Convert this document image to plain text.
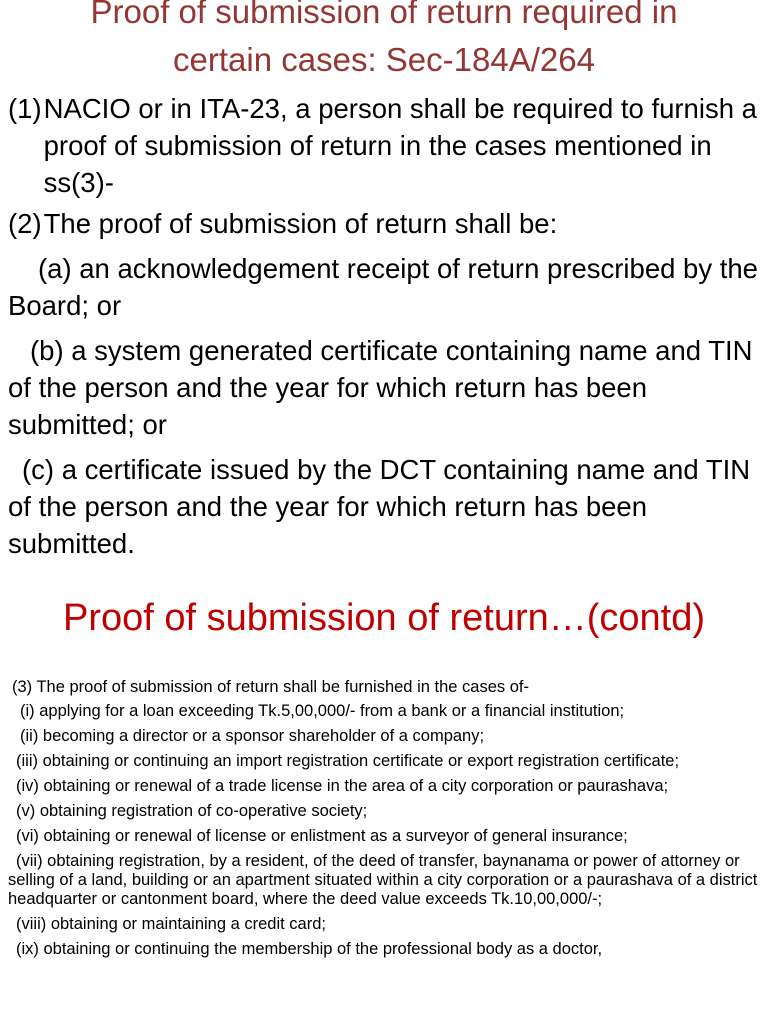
Proof of submission of return required in
certain cases: Sec-184A/264
(1) NACIO or in ITA-23, a person shall be required to furnish a proof of submission of return in the cases mentioned in ss(3)-
(2) The proof of submission of return shall be:
(a) an acknowledgement receipt of return prescribed by the Board; or
(b) a system generated certificate containing name and TIN of the person and the year for which return has been submitted; or
(c) a certificate issued by the DCT containing name and TIN of the person and the year for which return has been submitted.
Proof of submission of return…(contd)

(3) The proof of submission of return shall be furnished in the cases of-

(i) applying for a loan exceeding Tk.5,00,000/- from a bank or a financial institution;

(ii) becoming a director or a sponsor shareholder of a company;

(iii) obtaining or continuing an import registration certificate or export registration certificate;

(iv) obtaining or renewal of a trade license in the area of a city corporation or paurashava;

(v) obtaining registration of co-operative society;

(vi) obtaining or renewal of license or enlistment as a surveyor of general insurance;

(vii) obtaining registration, by a resident, of the deed of transfer, baynanama or power of attorney or selling of a land, building or an apartment situated within a city corporation or a paurashava of a district headquarter or cantonment board, where the deed value exceeds Tk.10,00,000/-;

(viii) obtaining or maintaining a credit card;

(ix) obtaining or continuing the membership of the professional body as a doctor,
